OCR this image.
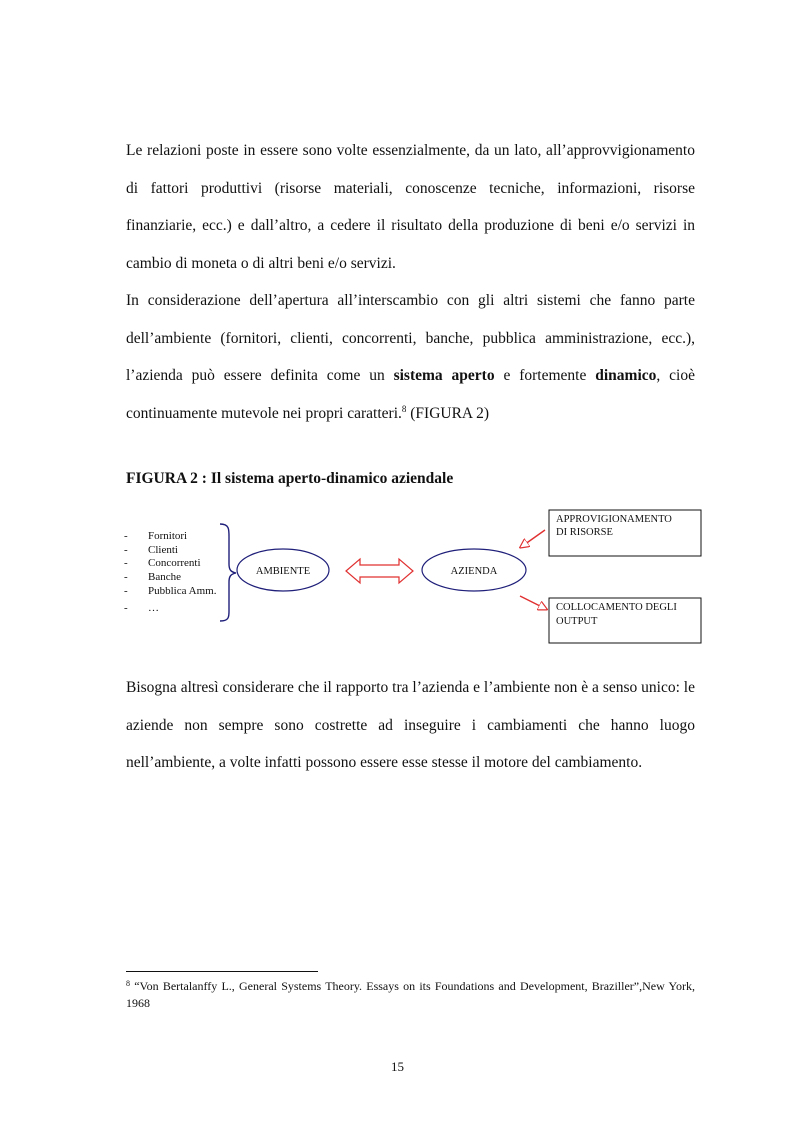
Le relazioni poste in essere sono volte essenzialmente, da un lato, all’approvvigionamento di fattori produttivi (risorse materiali, conoscenze tecniche, informazioni, risorse finanziarie, ecc.) e dall’altro, a cedere il risultato della produzione di beni e/o servizi in cambio di moneta o di altri beni e/o servizi.

In considerazione dell’apertura all’interscambio con gli altri sistemi che fanno parte dell’ambiente (fornitori, clienti, concorrenti, banche, pubblica amministrazione, ecc.), l’azienda può essere definita come un sistema aperto e fortemente dinamico, cioè continuamente mutevole nei propri caratteri.$^8$ (FIGURA 2)

FIGURA 2 : Il sistema aperto-dinamico aziendale

- Fornitori
- Clienti
- Concorrenti
- Banche
- Pubblica Amm.
- …
AMBIENTE	AZIENDA
APPROVIGIONAMENTO
DI RISORSE
COLLOCAMENTO DEGLI
OUTPUT

Bisogna altresì considerare che il rapporto tra l’azienda e l’ambiente non è a senso unico: le aziende non sempre sono costrette ad inseguire i cambiamenti che hanno luogo nell’ambiente, a volte infatti possono essere esse stesse il motore del cambiamento.

$^8$ “Von Bertalanffy L., General Systems Theory. Essays on its Foundations and Development, Braziller”,New York, 1968

15
